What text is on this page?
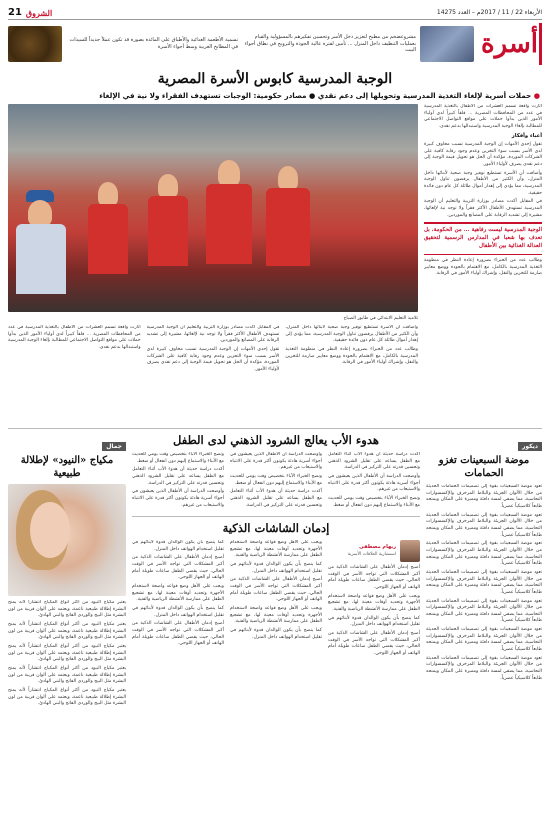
الأربعاء 22 / 11 / 2017م – العدد 14275
الشروق
21
أسرة
مشروعضخم من مطبخ لتعزيز دخل الأسر وتحسين تفكيرهم بالمسؤولية والقيام بعمليات التنظيف داخل المنزل ... تأمين لفترة عالية الجودة والترويج في نطاق أجواء البيت
تسمية الأطعمة الغذائية والأطباق على المائدة بصورة قد تكون عملاً جديداً للسيدات في المطابخ العربية وسط أجواء الأسرة
الوجبة المدرسية كابوس الأسرة المصرية
● حملات أسرية لإلغاء التغذية المدرسية وتحويلها إلى دعم نقدي ● مصادر حكومية: الوجبات تستهدف الفقراء ولا نية في الإلغاء

أثارت واقعة تسمم العشرات من الأطفال بالتغذية المدرسية في عدد من المحافظات المصرية ... قلقاً كبيراً لدى أولياء الأمور الذين بدأوا حملات على مواقع التواصل الاجتماعي للمطالبة بإلغاء الوجبة المدرسية واستبدالها بدعم نقدي.

أعباء وأفكار

تقول إحدى الأمهات إن الوجبة المدرسية تسبب مخاوف كبيرة لدى الأسر بسبب سوء التخزين وعدم وجود رقابة كافية على الشركات الموردة، مؤكدة أن الحل هو تحويل قيمة الوجبة إلى دعم نقدي يصرف لأولياء الأمور.

وأضافت أن الأسرة تستطيع توفير وجبة صحية لأبنائها داخل المنزل، وأن الكثير من الأطفال يرفضون تناول الوجبة المدرسية، مما يؤدي إلى إهدار أموال طائلة كل عام دون فائدة حقيقية.

في المقابل أكدت مصادر بوزارة التربية والتعليم أن الوجبة المدرسية تستهدف الأطفال الأكثر فقراً ولا توجد نية لإلغائها، مشيرة إلى تشديد الرقابة على المصانع والموردين.

الوجبة المدرسية ليست رفاهية ... من الحكومة، بل تعدف بها شعبا في المدارس الرسمية لتحقيق العدالة الغذائية بين الأطفال

وطالب عدد من الخبراء بضرورة إعادة النظر في منظومة التغذية المدرسية بالكامل، مع الاهتمام بالجودة ووضع معايير صارمة للتخزين والنقل، وإشراك أولياء الأمور في الرقابة.

تلاميذ التعليم الابتدائي في طابور الصباح

وأضافت أن الأسرة تستطيع توفير وجبة صحية لأبنائها داخل المنزل، وأن الكثير من الأطفال يرفضون تناول الوجبة المدرسية، مما يؤدي إلى إهدار أموال طائلة كل عام دون فائدة حقيقية.

وطالب عدد من الخبراء بضرورة إعادة النظر في منظومة التغذية المدرسية بالكامل، مع الاهتمام بالجودة ووضع معايير صارمة للتخزين والنقل، وإشراك أولياء الأمور في الرقابة.

في المقابل أكدت مصادر بوزارة التربية والتعليم أن الوجبة المدرسية تستهدف الأطفال الأكثر فقراً ولا توجد نية لإلغائها، مشيرة إلى تشديد الرقابة على المصانع والموردين.

تقول إحدى الأمهات إن الوجبة المدرسية تسبب مخاوف كبيرة لدى الأسر بسبب سوء التخزين وعدم وجود رقابة كافية على الشركات الموردة، مؤكدة أن الحل هو تحويل قيمة الوجبة إلى دعم نقدي يصرف لأولياء الأمور.

أثارت واقعة تسمم العشرات من الأطفال بالتغذية المدرسية في عدد من المحافظات المصرية ... قلقاً كبيراً لدى أولياء الأمور الذين بدأوا حملات على مواقع التواصل الاجتماعي للمطالبة بإلغاء الوجبة المدرسية واستبدالها بدعم نقدي.

ديكور
موضة السبعينات تغزو الحمامات

تعود موضة السبعينات بقوة إلى تصميمات الحمامات الحديثة من خلال الألوان الجريئة والبلاط المزخرف والإكسسوارات النحاسية، مما يضفي لمسة دافئة ومميزة على المكان ويمنحه طابعاً كلاسيكياً عصرياً.

تعود موضة السبعينات بقوة إلى تصميمات الحمامات الحديثة من خلال الألوان الجريئة والبلاط المزخرف والإكسسوارات النحاسية، مما يضفي لمسة دافئة ومميزة على المكان ويمنحه طابعاً كلاسيكياً عصرياً.

تعود موضة السبعينات بقوة إلى تصميمات الحمامات الحديثة من خلال الألوان الجريئة والبلاط المزخرف والإكسسوارات النحاسية، مما يضفي لمسة دافئة ومميزة على المكان ويمنحه طابعاً كلاسيكياً عصرياً.

تعود موضة السبعينات بقوة إلى تصميمات الحمامات الحديثة من خلال الألوان الجريئة والبلاط المزخرف والإكسسوارات النحاسية، مما يضفي لمسة دافئة ومميزة على المكان ويمنحه طابعاً كلاسيكياً عصرياً.

تعود موضة السبعينات بقوة إلى تصميمات الحمامات الحديثة من خلال الألوان الجريئة والبلاط المزخرف والإكسسوارات النحاسية، مما يضفي لمسة دافئة ومميزة على المكان ويمنحه طابعاً كلاسيكياً عصرياً.

تعود موضة السبعينات بقوة إلى تصميمات الحمامات الحديثة من خلال الألوان الجريئة والبلاط المزخرف والإكسسوارات النحاسية، مما يضفي لمسة دافئة ومميزة على المكان ويمنحه طابعاً كلاسيكياً عصرياً.

تعود موضة السبعينات بقوة إلى تصميمات الحمامات الحديثة من خلال الألوان الجريئة والبلاط المزخرف والإكسسوارات النحاسية، مما يضفي لمسة دافئة ومميزة على المكان ويمنحه طابعاً كلاسيكياً عصرياً.

هدوء الأب يعالج الشرود الذهني لدى الطفل

أكدت دراسة حديثة أن هدوء الأب أثناء التعامل مع الطفل يساعد على تقليل الشرود الذهني وتحسين قدرته على التركيز في الدراسة.

وأوضحت الدراسة أن الأطفال الذين يعيشون في أجواء أسرية هادئة يكونون أكثر قدرة على الانتباه والاستيعاب من غيرهم.

ونصح الخبراء الآباء بتخصيص وقت يومي للحديث مع الأبناء والاستماع إليهم دون انفعال أو ضغط.

وأوضحت الدراسة أن الأطفال الذين يعيشون في أجواء أسرية هادئة يكونون أكثر قدرة على الانتباه والاستيعاب من غيرهم.

ونصح الخبراء الآباء بتخصيص وقت يومي للحديث مع الأبناء والاستماع إليهم دون انفعال أو ضغط.

أكدت دراسة حديثة أن هدوء الأب أثناء التعامل مع الطفل يساعد على تقليل الشرود الذهني وتحسين قدرته على التركيز في الدراسة.

ونصح الخبراء الآباء بتخصيص وقت يومي للحديث مع الأبناء والاستماع إليهم دون انفعال أو ضغط.

أكدت دراسة حديثة أن هدوء الأب أثناء التعامل مع الطفل يساعد على تقليل الشرود الذهني وتحسين قدرته على التركيز في الدراسة.

وأوضحت الدراسة أن الأطفال الذين يعيشون في أجواء أسرية هادئة يكونون أكثر قدرة على الانتباه والاستيعاب من غيرهم.

إدمان الشاشات الذكية
ريهام مصطفى
استشارية العلاقات الأسرية

أصبح إدمان الأطفال على الشاشات الذكية من أكبر المشكلات التي تواجه الأسر في الوقت الحالي، حيث يقضي الطفل ساعات طويلة أمام الهاتف أو الجهاز اللوحي.

ويجب على الأهل وضع قواعد واضحة لاستخدام الأجهزة وتحديد أوقات معينة لها، مع تشجيع الطفل على ممارسة الأنشطة الرياضية والفنية.

كما ينصح بأن يكون الوالدان قدوة لأبنائهم في تقليل استخدام الهواتف داخل المنزل.

أصبح إدمان الأطفال على الشاشات الذكية من أكبر المشكلات التي تواجه الأسر في الوقت الحالي، حيث يقضي الطفل ساعات طويلة أمام الهاتف أو الجهاز اللوحي.

ويجب على الأهل وضع قواعد واضحة لاستخدام الأجهزة وتحديد أوقات معينة لها، مع تشجيع الطفل على ممارسة الأنشطة الرياضية والفنية.

كما ينصح بأن يكون الوالدان قدوة لأبنائهم في تقليل استخدام الهواتف داخل المنزل.

أصبح إدمان الأطفال على الشاشات الذكية من أكبر المشكلات التي تواجه الأسر في الوقت الحالي، حيث يقضي الطفل ساعات طويلة أمام الهاتف أو الجهاز اللوحي.

ويجب على الأهل وضع قواعد واضحة لاستخدام الأجهزة وتحديد أوقات معينة لها، مع تشجيع الطفل على ممارسة الأنشطة الرياضية والفنية.

كما ينصح بأن يكون الوالدان قدوة لأبنائهم في تقليل استخدام الهواتف داخل المنزل.

كما ينصح بأن يكون الوالدان قدوة لأبنائهم في تقليل استخدام الهواتف داخل المنزل.

أصبح إدمان الأطفال على الشاشات الذكية من أكبر المشكلات التي تواجه الأسر في الوقت الحالي، حيث يقضي الطفل ساعات طويلة أمام الهاتف أو الجهاز اللوحي.

ويجب على الأهل وضع قواعد واضحة لاستخدام الأجهزة وتحديد أوقات معينة لها، مع تشجيع الطفل على ممارسة الأنشطة الرياضية والفنية.

كما ينصح بأن يكون الوالدان قدوة لأبنائهم في تقليل استخدام الهواتف داخل المنزل.

أصبح إدمان الأطفال على الشاشات الذكية من أكبر المشكلات التي تواجه الأسر في الوقت الحالي، حيث يقضي الطفل ساعات طويلة أمام الهاتف أو الجهاز اللوحي.

جمال
مكياج «النيود» لإطلالة طبيعية

يعتبر مكياج النيود من أكثر أنواع المكياج انتشاراً لأنه يمنح البشرة إطلالة طبيعية ناعمة، ويعتمد على ألوان قريبة من لون البشرة مثل البيج والوردي الفاتح والبني الهادئ.

يعتبر مكياج النيود من أكثر أنواع المكياج انتشاراً لأنه يمنح البشرة إطلالة طبيعية ناعمة، ويعتمد على ألوان قريبة من لون البشرة مثل البيج والوردي الفاتح والبني الهادئ.

يعتبر مكياج النيود من أكثر أنواع المكياج انتشاراً لأنه يمنح البشرة إطلالة طبيعية ناعمة، ويعتمد على ألوان قريبة من لون البشرة مثل البيج والوردي الفاتح والبني الهادئ.

يعتبر مكياج النيود من أكثر أنواع المكياج انتشاراً لأنه يمنح البشرة إطلالة طبيعية ناعمة، ويعتمد على ألوان قريبة من لون البشرة مثل البيج والوردي الفاتح والبني الهادئ.

يعتبر مكياج النيود من أكثر أنواع المكياج انتشاراً لأنه يمنح البشرة إطلالة طبيعية ناعمة، ويعتمد على ألوان قريبة من لون البشرة مثل البيج والوردي الفاتح والبني الهادئ.
